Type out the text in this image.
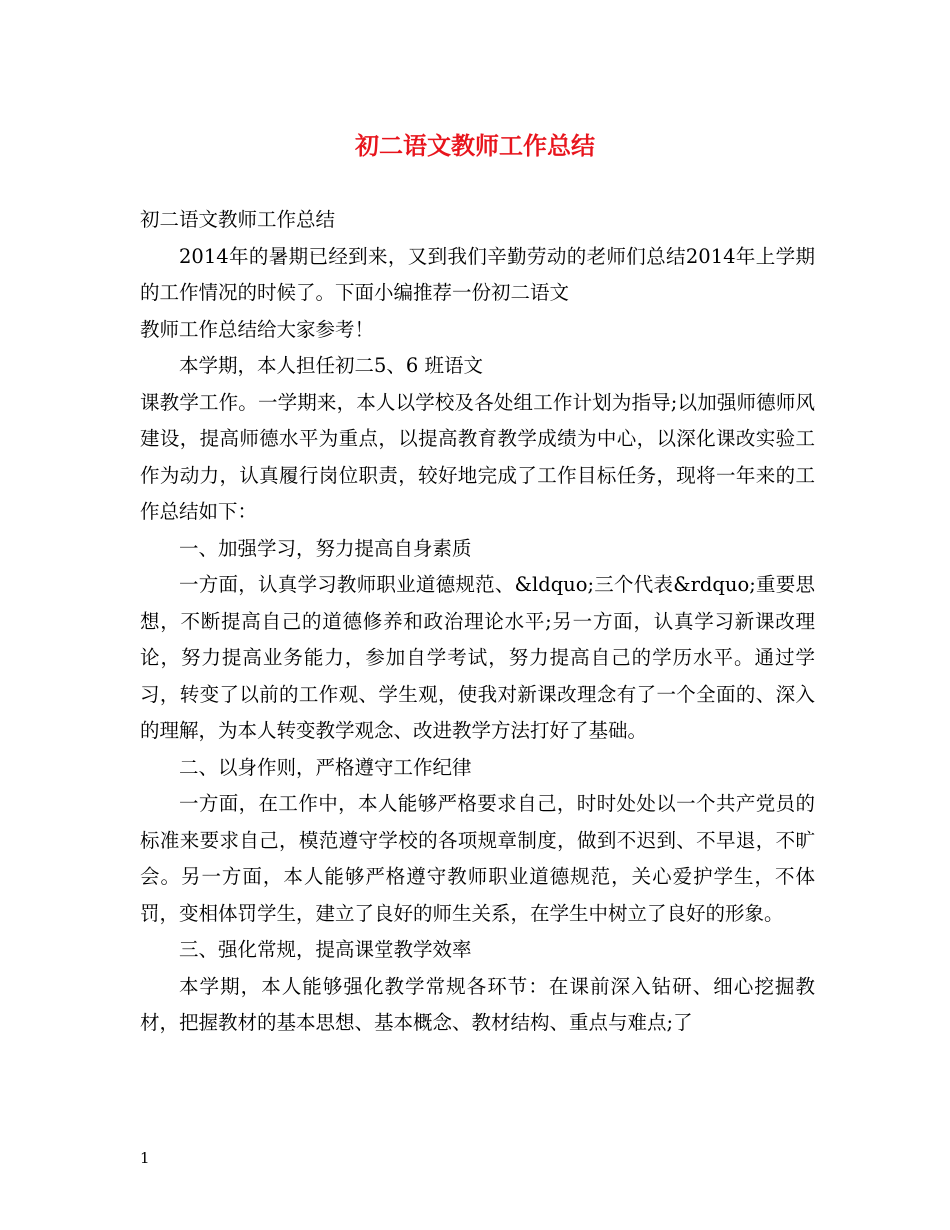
初二语文教师工作总结

初二语文教师工作总结

2014年的暑期已经到来，又到我们辛勤劳动的老师们总结2014年上学期的工作情况的时候了。下面小编推荐一份初二语文
教师工作总结给大家参考！

本学期，本人担任初二5、6 班语文
课教学工作。一学期来，本人以学校及各处组工作计划为指导;以加强师德师风建设，提高师德水平为重点，以提高教育教学成绩为中心，以深化课改实验工作为动力，认真履行岗位职责，较好地完成了工作目标任务，现将一年来的工作总结如下：

一、加强学习，努力提高自身素质

一方面，认真学习教师职业道德规范、&ldquo;三个代表&rdquo;重要思想，不断提高自己的道德修养和政治理论水平;另一方面，认真学习新课改理论，努力提高业务能力，参加自学考试，努力提高自己的学历水平。通过学习，转变了以前的工作观、学生观，使我对新课改理念有了一个全面的、深入的理解，为本人转变教学观念、改进教学方法打好了基础。

二、以身作则，严格遵守工作纪律

一方面，在工作中，本人能够严格要求自己，时时处处以一个共产党员的标准来要求自己，模范遵守学校的各项规章制度，做到不迟到、不早退，不旷会。另一方面，本人能够严格遵守教师职业道德规范，关心爱护学生，不体罚，变相体罚学生，建立了良好的师生关系，在学生中树立了良好的形象。

三、强化常规，提高课堂教学效率

本学期，本人能够强化教学常规各环节：在课前深入钻研、细心挖掘教材，把握教材的基本思想、基本概念、教材结构、重点与难点;了

1
